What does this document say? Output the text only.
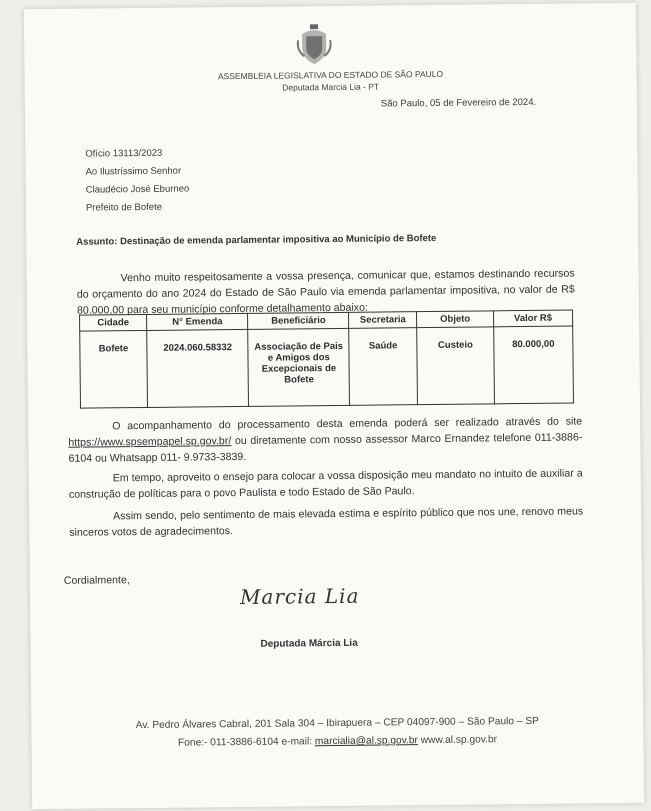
ASSEMBLEIA LEGISLATIVA DO ESTADO DE SÃO PAULO
Deputada Marcia Lia - PT
São Paulo, 05 de Fevereiro de 2024.
Ofício 13113/2023
Ao Ilustríssimo Senhor
Claudécio José Eburneo
Prefeito de Bofete
Assunto: Destinação de emenda parlamentar impositiva ao Município de Bofete
Venho muito respeitosamente a vossa presença, comunicar que, estamos destinando recursos do orçamento do ano 2024 do Estado de São Paulo via emenda parlamentar impositiva, no valor de R$ 80.000,00 para seu município conforme detalhamento abaixo:
Cidade	N° Emenda	Beneficiário	Secretaria	Objeto	Valor R$
Bofete	2024.060.58332	Associação de Pais e Amigos dos Excepcionais de Bofete	Saúde	Custeio	80.000,00
O acompanhamento do processamento desta emenda poderá ser realizado através do site https://www.spsempapel.sp.gov.br/ ou diretamente com nosso assessor Marco Ernandez telefone 011-3886-6104 ou Whatsapp 011- 9.9733-3839.
Em tempo, aproveito o ensejo para colocar a vossa disposição meu mandato no intuito de auxiliar a construção de políticas para o povo Paulista e todo Estado de São Paulo.
Assim sendo, pelo sentimento de mais elevada estima e espírito público que nos une, renovo meus sinceros votos de agradecimentos.
Cordialmente,
Marcia Lia
Deputada Márcia Lia
Av. Pedro Álvares Cabral, 201 Sala 304 – Ibirapuera – CEP 04097-900 – São Paulo – SP
Fone:- 011-3886-6104 e-mail: marcialia@al.sp.gov.br www.al.sp.gov.br
